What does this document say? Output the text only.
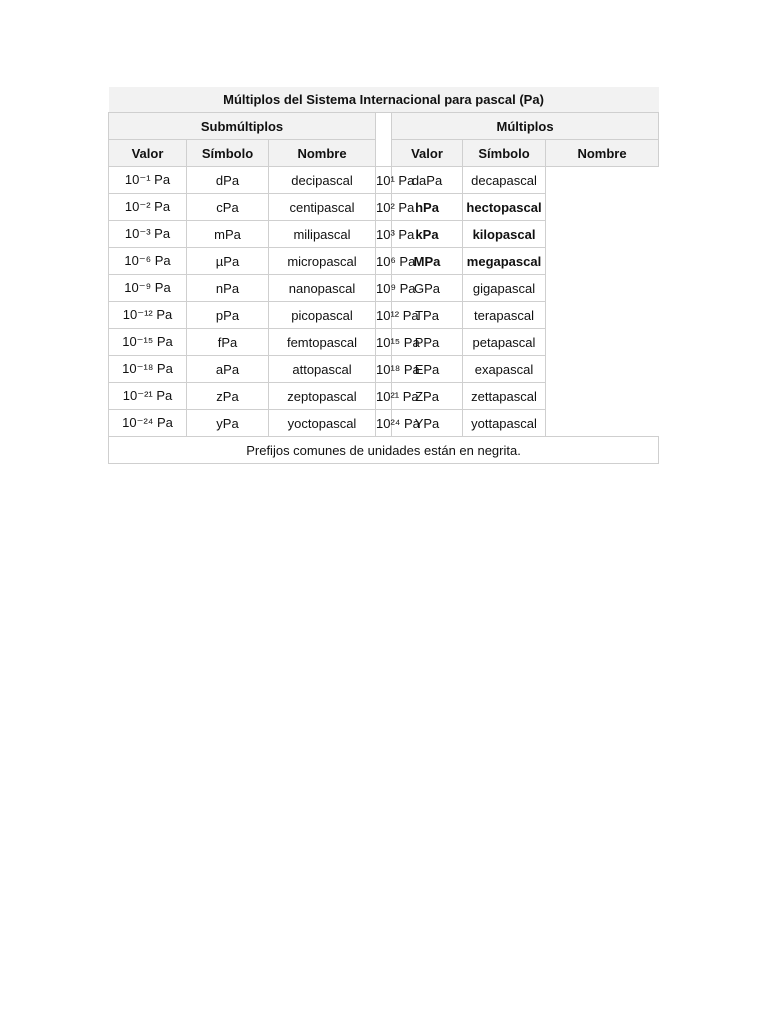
Múltiplos del Sistema Internacional para pascal (Pa)						
Submúltiplos				Múltiplos		
Valor	Símbolo	Nombre		Valor	Símbolo	Nombre
10⁻¹ Pa	dPa	decipascal	10¹ Pa	daPa	decapascal	
10⁻² Pa	cPa	centipascal	10² Pa	hPa	hectopascal	
10⁻³ Pa	mPa	milipascal	10³ Pa	kPa	kilopascal	
10⁻⁶ Pa	µPa	micropascal	10⁶ Pa	MPa	megapascal	
10⁻⁹ Pa	nPa	nanopascal	10⁹ Pa	GPa	gigapascal	
10⁻¹² Pa	pPa	picopascal	10¹² Pa	TPa	terapascal	
10⁻¹⁵ Pa	fPa	femtopascal	10¹⁵ Pa	PPa	petapascal	
10⁻¹⁸ Pa	aPa	attopascal	10¹⁸ Pa	EPa	exapascal	
10⁻²¹ Pa	zPa	zeptopascal	10²¹ Pa	ZPa	zettapascal	
10⁻²⁴ Pa	yPa	yoctopascal	10²⁴ Pa	YPa	yottapascal	
Prefijos comunes de unidades están en negrita.						
